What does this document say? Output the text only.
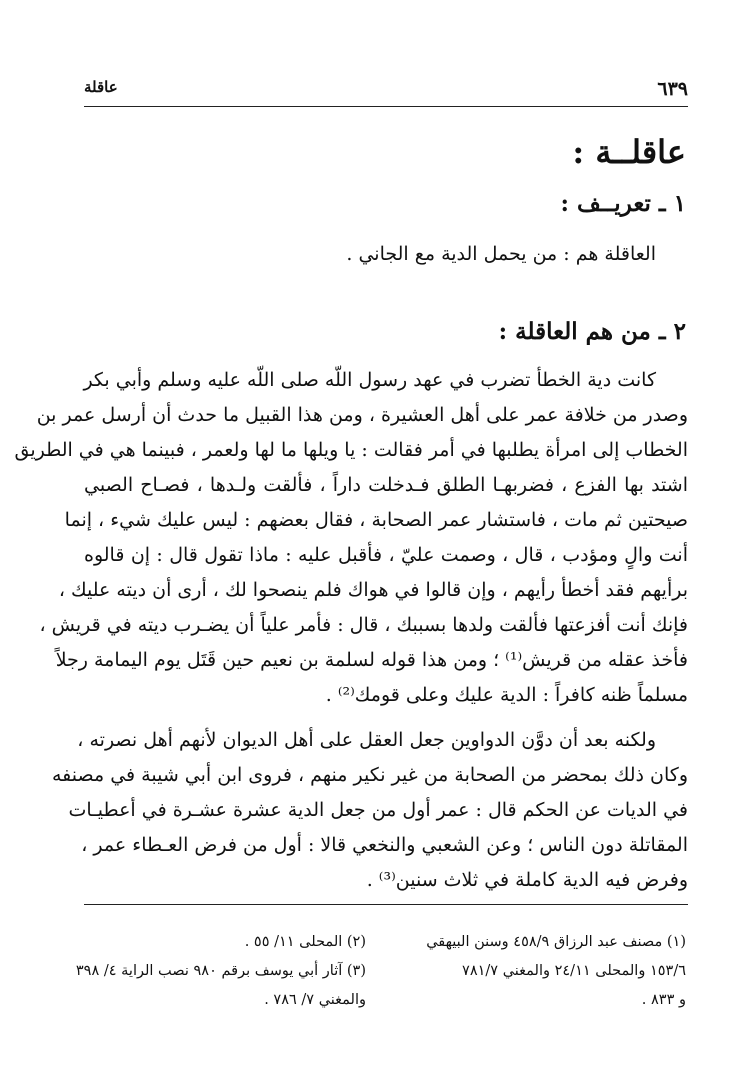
٦٣٩
عاقلة
عاقلــة :
١ ـ تعريــف :
العاقلة هم : من يحمل الدية مع الجاني .
٢ ـ من هم العاقلة :
كانت دية الخطأ تضرب في عهد رسول اللّه صلى اللّه عليه وسلم وأبي بكر
وصدر من خلافة عمر على أهل العشيرة ، ومن هذا القبيل ما حدث أن أرسل عمر بن
الخطاب إلى امرأة يطلبها في أمر فقالت : يا ويلها ما لها ولعمر ، فبينما هي في الطريق
اشتد بها الفزع ، فضربهـا الطلق فـدخلت داراً ، فألقت ولـدها ، فصـاح الصبي
صيحتين ثم مات ، فاستشار عمر الصحابة ، فقال بعضهم : ليس عليك شيء ، إنما
أنت والٍ ومؤدب ، قال ، وصمت عليّ ، فأقبل عليه : ماذا تقول قال : إن قالوه
برأيهم فقد أخطأ رأيهم ، وإن قالوا في هواك فلم ينصحوا لك ، أرى أن ديته عليك ،
فإنك أنت أفزعتها فألقت ولدها بسببك ، قال : فأمر علياً أن يضـرب ديته في قريش ،
فأخذ عقله من قريش⁽¹⁾ ؛ ومن هذا قوله لسلمة بن نعيم حين قَتَل يوم اليمامة رجلاً
مسلماً ظنه كافراً : الدية عليك وعلى قومك⁽²⁾ .
ولكنه بعد أن دوَّن الدواوين جعل العقل على أهل الديوان لأنهم أهل نصرته ،
وكان ذلك بمحضر من الصحابة من غير نكير منهم ، فروى ابن أبي شيبة في مصنفه
في الديات عن الحكم قال : عمر أول من جعل الدية عشرة عشـرة في أعطيـات
المقاتلة دون الناس ؛ وعن الشعبي والنخعي قالا : أول من فرض العـطاء عمر ،
وفرض فيه الدية كاملة في ثلاث سنين⁽³⁾ .
(١) مصنف عبد الرزاق ٤٥٨/٩ وسنن البيهقي
١٥٣/٦ والمحلى ٢٤/١١ والمغني ٧٨١/٧
و ٨٣٣ .
(٢) المحلى ١١/ ٥٥ .
(٣) آثار أبي يوسف برقم ٩٨٠ نصب الراية ٤/ ٣٩٨
والمغني ٧/ ٧٨٦ .
